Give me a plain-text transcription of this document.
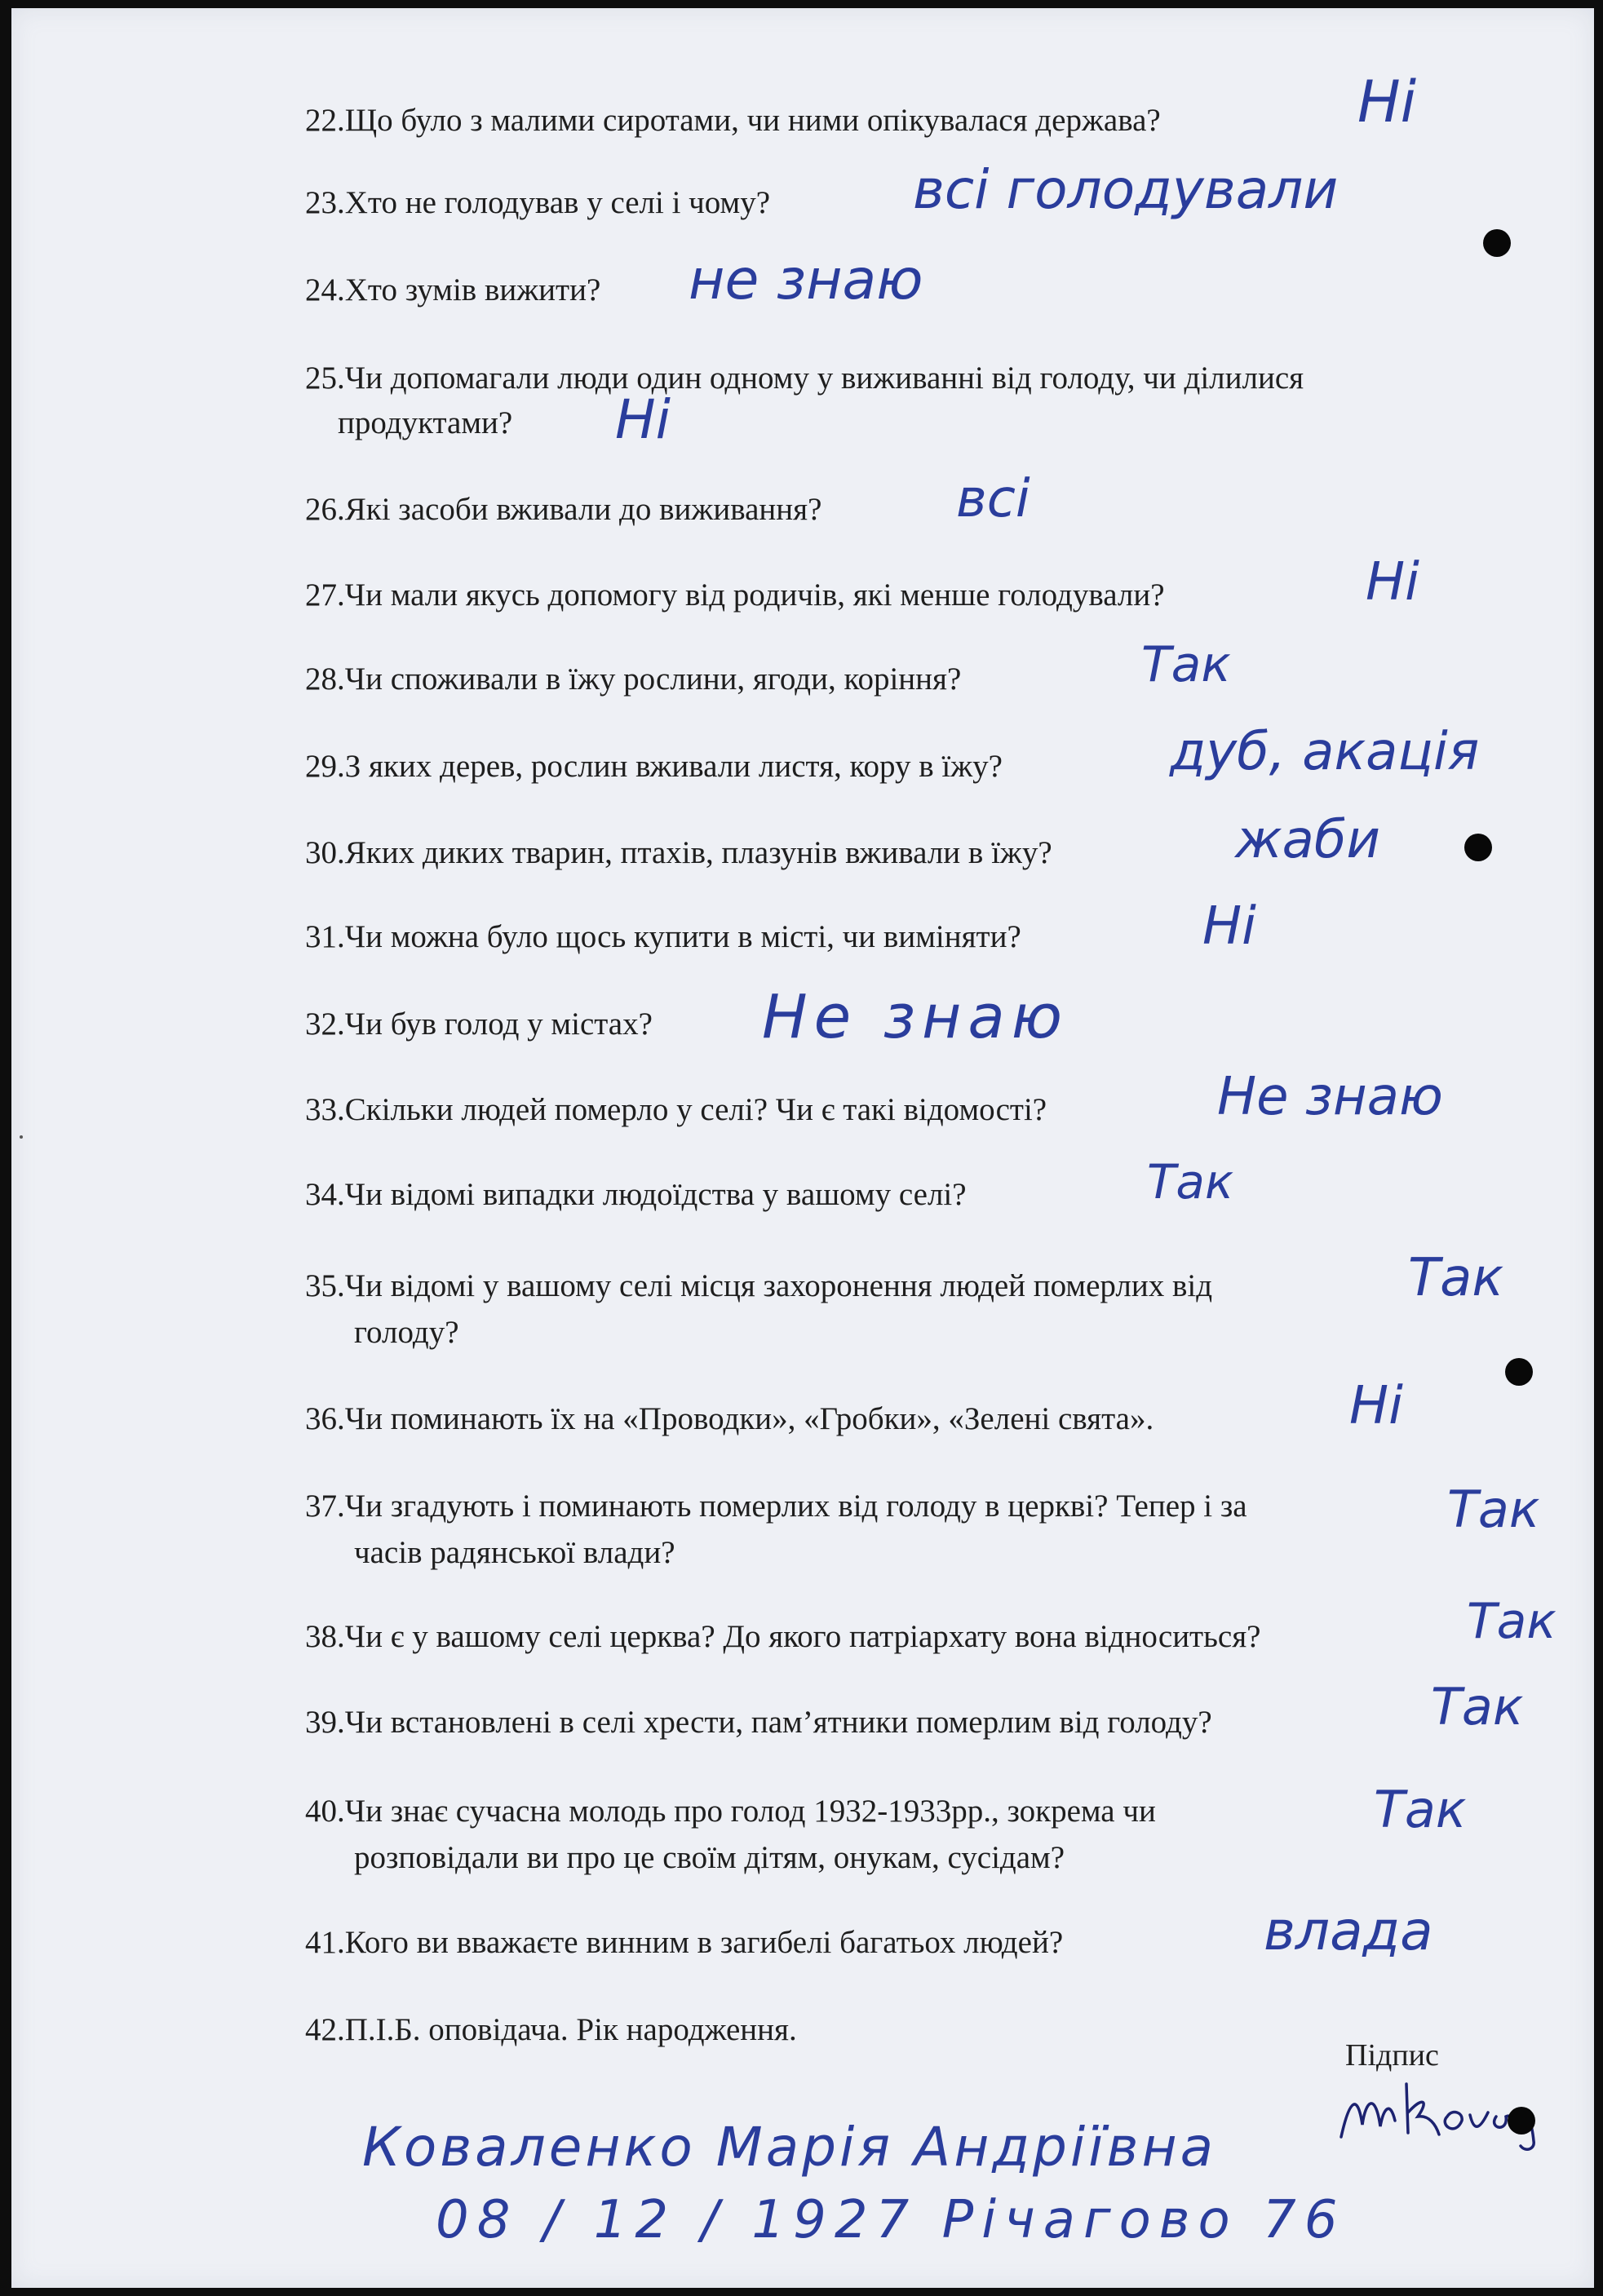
22.Що було з малими сиротами, чи ними опікувалася держава?	Ні
23.Хто не голодував у селі і чому?	всі голодували
24.Хто зумів вижити? не знаю
25.Чи допомагали люди один одному у виживанні від голоду, чи ділилися
продуктами? Ні
26.Які засоби вживали до виживання?	всі
27.Чи мали якусь допомогу від родичів, які менше голодували?	Ні
28.Чи споживали в їжу рослини, ягоди, коріння?	Так
29.З яких дерев, рослин вживали листя, кору в їжу?	дуб, акація
30.Яких диких тварин, птахів, плазунів вживали в їжу?	жаби
31.Чи можна було щось купити в місті, чи виміняти?	Ні
32.Чи був голод у містах? Не знаю
33.Скільки людей померло у селі? Чи є такі відомості?	Не знаю
34.Чи відомі випадки людоїдства у вашому селі?	Так
35.Чи відомі у вашому селі місця захоронення людей померлих від
голоду?
Так
36.Чи поминають їх на «Проводки», «Гробки», «Зелені свята».	Ні
37.Чи згадують і поминають померлих від голоду в церкві? Тепер і за
часів радянської влади?
Так
38.Чи є у вашому селі церква? До якого патріархату вона відноситься?	Так
39.Чи встановлені в селі хрести, пам’ятники померлим від голоду?	Так
40.Чи знає сучасна молодь про голод 1932-1933рр., зокрема чи
розповідали ви про це своїм дітям, онукам, сусідам?
Так
41.Кого ви вважаєте винним в загибелі багатьох людей?	влада
42.П.І.Б. оповідача. Рік народження.
Підпис
Коваленко Марія Андріївна
08 / 12 / 1927 Річагово 76
